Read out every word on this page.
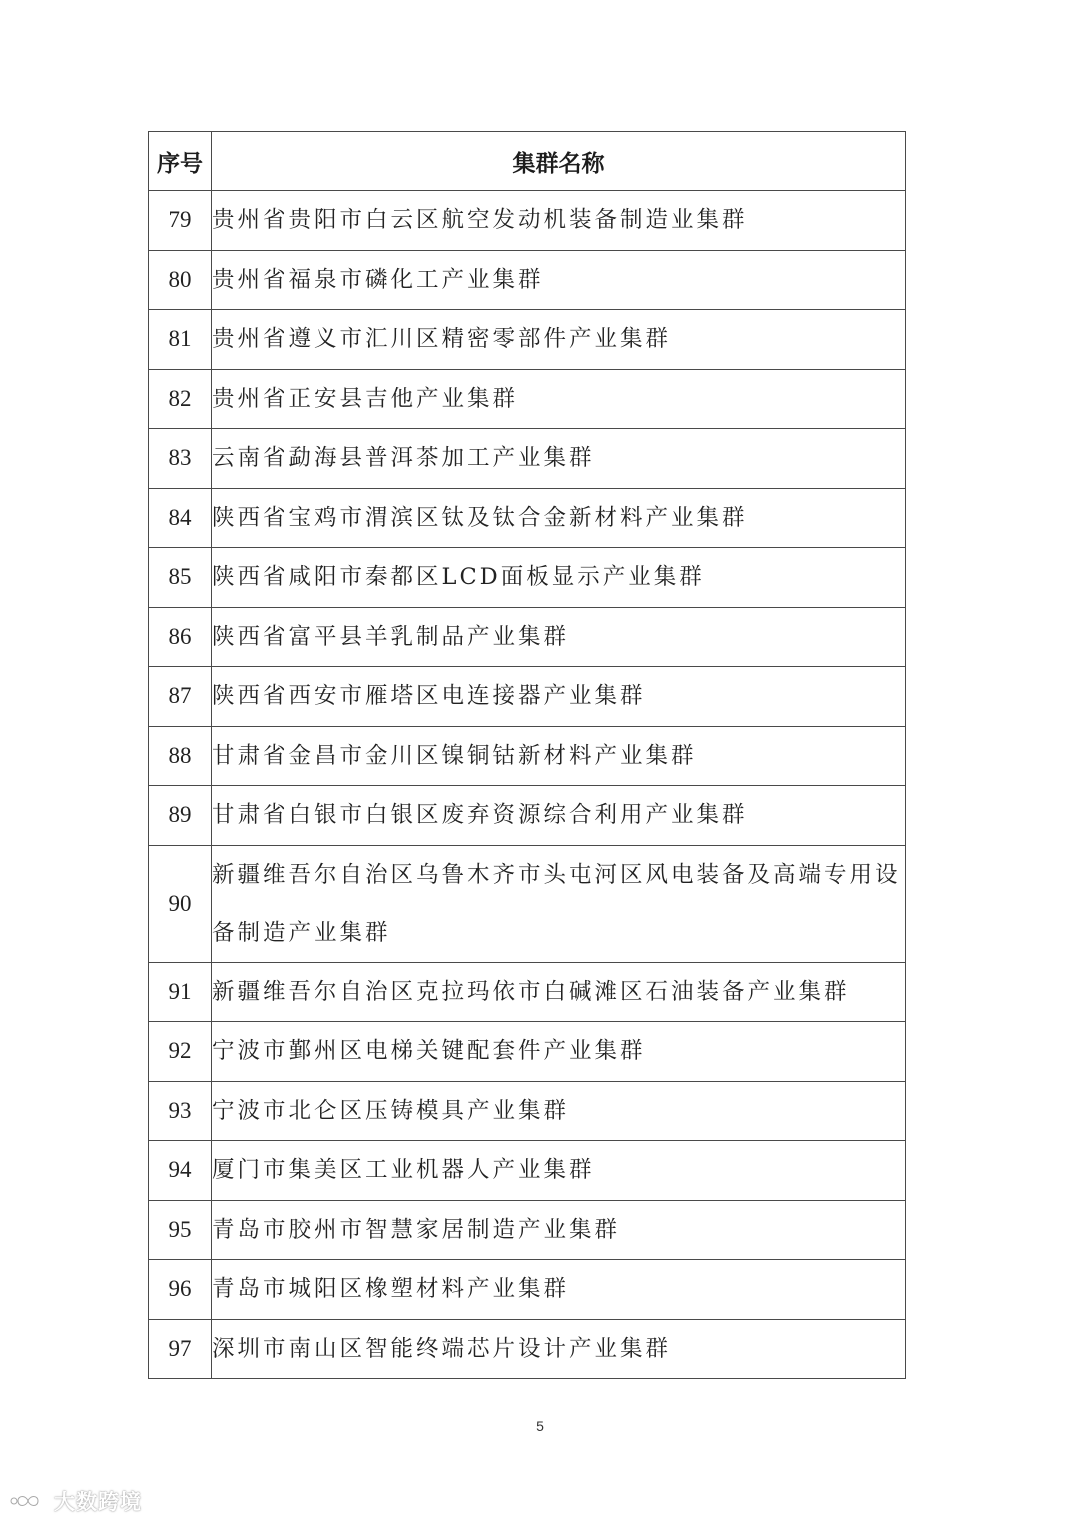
序号	集群名称
79	贵州省贵阳市白云区航空发动机装备制造业集群
80	贵州省福泉市磷化工产业集群
81	贵州省遵义市汇川区精密零部件产业集群
82	贵州省正安县吉他产业集群
83	云南省勐海县普洱茶加工产业集群
84	陕西省宝鸡市渭滨区钛及钛合金新材料产业集群
85	陕西省咸阳市秦都区LCD面板显示产业集群
86	陕西省富平县羊乳制品产业集群
87	陕西省西安市雁塔区电连接器产业集群
88	甘肃省金昌市金川区镍铜钴新材料产业集群
89	甘肃省白银市白银区废弃资源综合利用产业集群
90	新疆维吾尔自治区乌鲁木齐市头屯河区风电装备及高端专用设备制造产业集群
91	新疆维吾尔自治区克拉玛依市白碱滩区石油装备产业集群
92	宁波市鄞州区电梯关键配套件产业集群
93	宁波市北仑区压铸模具产业集群
94	厦门市集美区工业机器人产业集群
95	青岛市胶州市智慧家居制造产业集群
96	青岛市城阳区橡塑材料产业集群
97	深圳市南山区智能终端芯片设计产业集群
5
大数跨境
